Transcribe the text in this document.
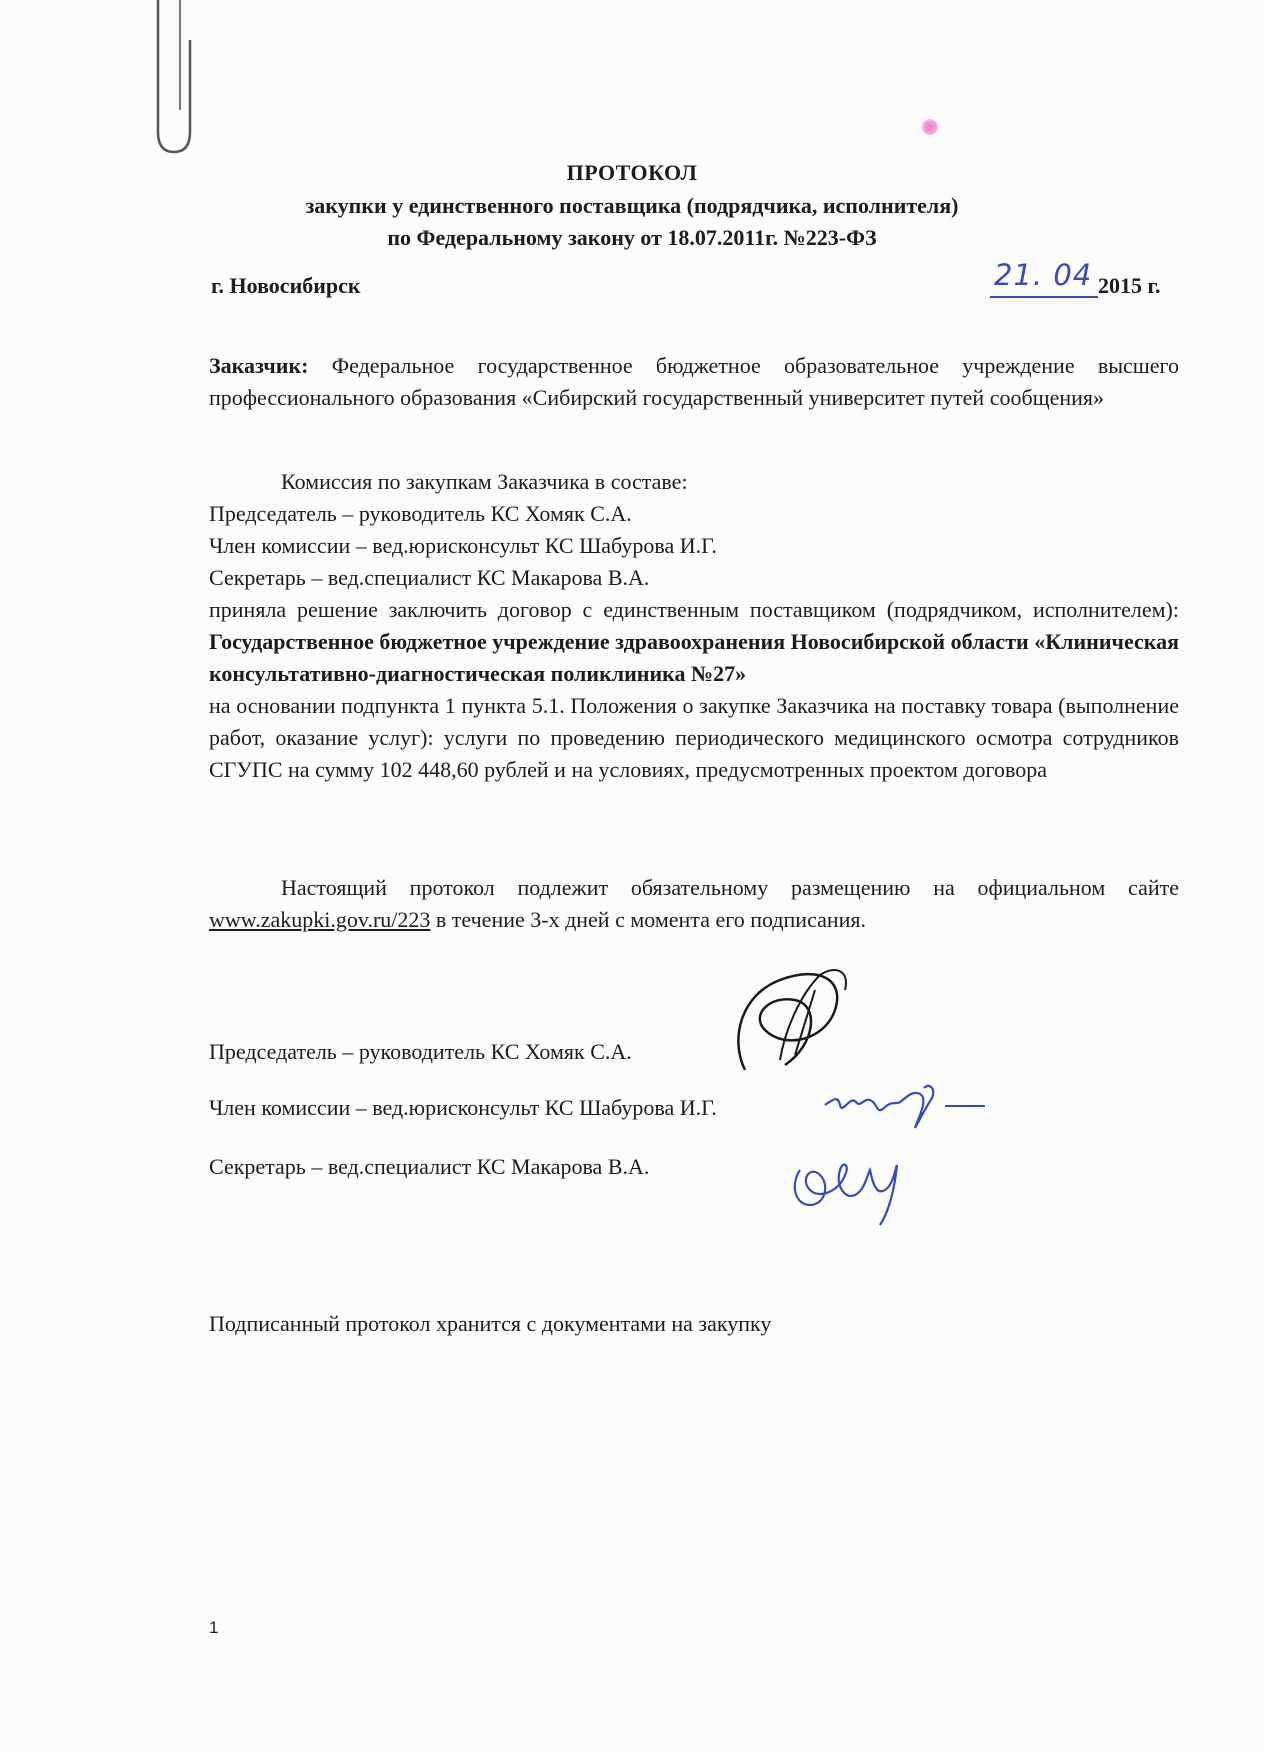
ПРОТОКОЛ
закупки у единственного поставщика (подрядчика, исполнителя)
по Федеральному закону от 18.07.2011г. №223-ФЗ
г. Новосибирск	21. 04 2015 г.
Заказчик: Федеральное государственное бюджетное образовательное учреждение высшего профессионального образования «Сибирский государственный университет путей сообщения»
Комиссия по закупкам Заказчика в составе:
Председатель – руководитель КС Хомяк С.А.
Член комиссии – вед.юрисконсульт КС Шабурова И.Г.
Секретарь – вед.специалист КС Макарова В.А.
приняла решение заключить договор с единственным поставщиком (подрядчиком, исполнителем): Государственное бюджетное учреждение здравоохранения Новосибирской области «Клиническая консультативно-диагностическая поликлиника №27»
на основании подпункта 1 пункта 5.1. Положения о закупке Заказчика на поставку товара (выполнение работ, оказание услуг): услуги по проведению периодического медицинского осмотра сотрудников СГУПС на сумму 102 448,60 рублей и на условиях, предусмотренных проектом договора
Настоящий протокол подлежит обязательному размещению на официальном сайте www.zakupki.gov.ru/223 в течение 3-х дней с момента его подписания.
Председатель – руководитель КС Хомяк С.А.
Член комиссии – вед.юрисконсульт КС Шабурова И.Г.
Секретарь – вед.специалист КС Макарова В.А.
Подписанный протокол хранится с документами на закупку
1
